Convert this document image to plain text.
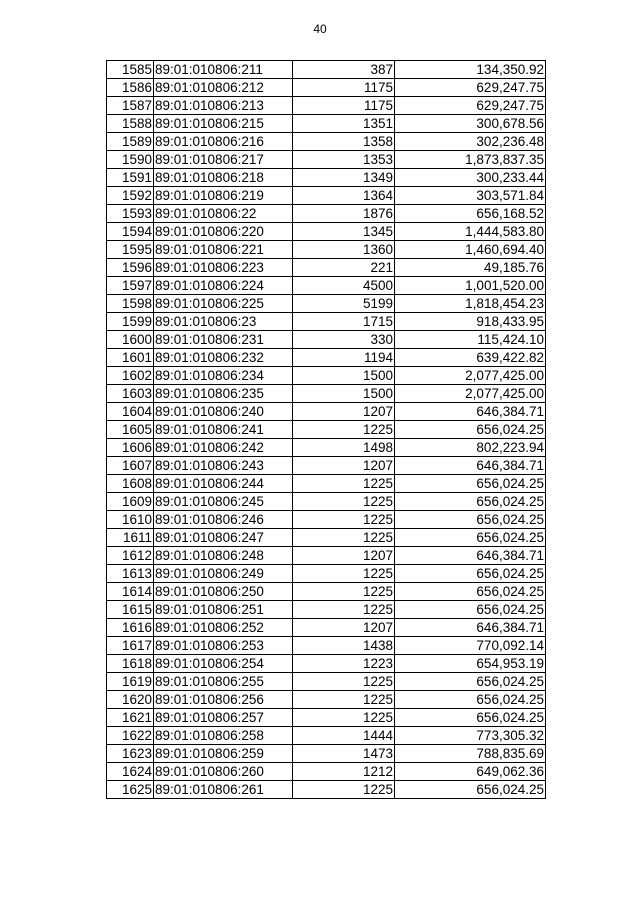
40
1585	89:01:010806:211	387	134,350.92
1586	89:01:010806:212	1175	629,247.75
1587	89:01:010806:213	1175	629,247.75
1588	89:01:010806:215	1351	300,678.56
1589	89:01:010806:216	1358	302,236.48
1590	89:01:010806:217	1353	1,873,837.35
1591	89:01:010806:218	1349	300,233.44
1592	89:01:010806:219	1364	303,571.84
1593	89:01:010806:22	1876	656,168.52
1594	89:01:010806:220	1345	1,444,583.80
1595	89:01:010806:221	1360	1,460,694.40
1596	89:01:010806:223	221	49,185.76
1597	89:01:010806:224	4500	1,001,520.00
1598	89:01:010806:225	5199	1,818,454.23
1599	89:01:010806:23	1715	918,433.95
1600	89:01:010806:231	330	115,424.10
1601	89:01:010806:232	1194	639,422.82
1602	89:01:010806:234	1500	2,077,425.00
1603	89:01:010806:235	1500	2,077,425.00
1604	89:01:010806:240	1207	646,384.71
1605	89:01:010806:241	1225	656,024.25
1606	89:01:010806:242	1498	802,223.94
1607	89:01:010806:243	1207	646,384.71
1608	89:01:010806:244	1225	656,024.25
1609	89:01:010806:245	1225	656,024.25
1610	89:01:010806:246	1225	656,024.25
1611	89:01:010806:247	1225	656,024.25
1612	89:01:010806:248	1207	646,384.71
1613	89:01:010806:249	1225	656,024.25
1614	89:01:010806:250	1225	656,024.25
1615	89:01:010806:251	1225	656,024.25
1616	89:01:010806:252	1207	646,384.71
1617	89:01:010806:253	1438	770,092.14
1618	89:01:010806:254	1223	654,953.19
1619	89:01:010806:255	1225	656,024.25
1620	89:01:010806:256	1225	656,024.25
1621	89:01:010806:257	1225	656,024.25
1622	89:01:010806:258	1444	773,305.32
1623	89:01:010806:259	1473	788,835.69
1624	89:01:010806:260	1212	649,062.36
1625	89:01:010806:261	1225	656,024.25
